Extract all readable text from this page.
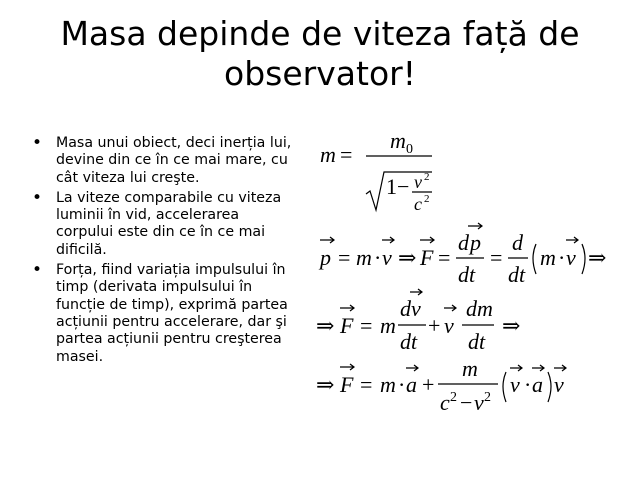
Masa depinde de viteza față de
observator!
• Masa unui obiect, deci inerția lui, devine din ce în ce mai mare, cu cât viteza lui creşte.
• La viteze comparabile cu viteza luminii în vid, accelerarea corpului este din ce în ce mai dificilă.
• Forța, fiind variația impulsului în timp (derivata impulsului în funcție de timp), exprimă partea acțiunii pentru accelerare, dar şi partea acțiunii pentru creşterea masei.
m =
m 0
1 − v 2
c 2
p = m · v ⇒ F =
d p
dt
=
d
dt
m · v ⇒
⇒ F = m
dv
dt
+ v
dm
dt
⇒
⇒ F = m · a +
m
c 2 − v 2
v · a v
